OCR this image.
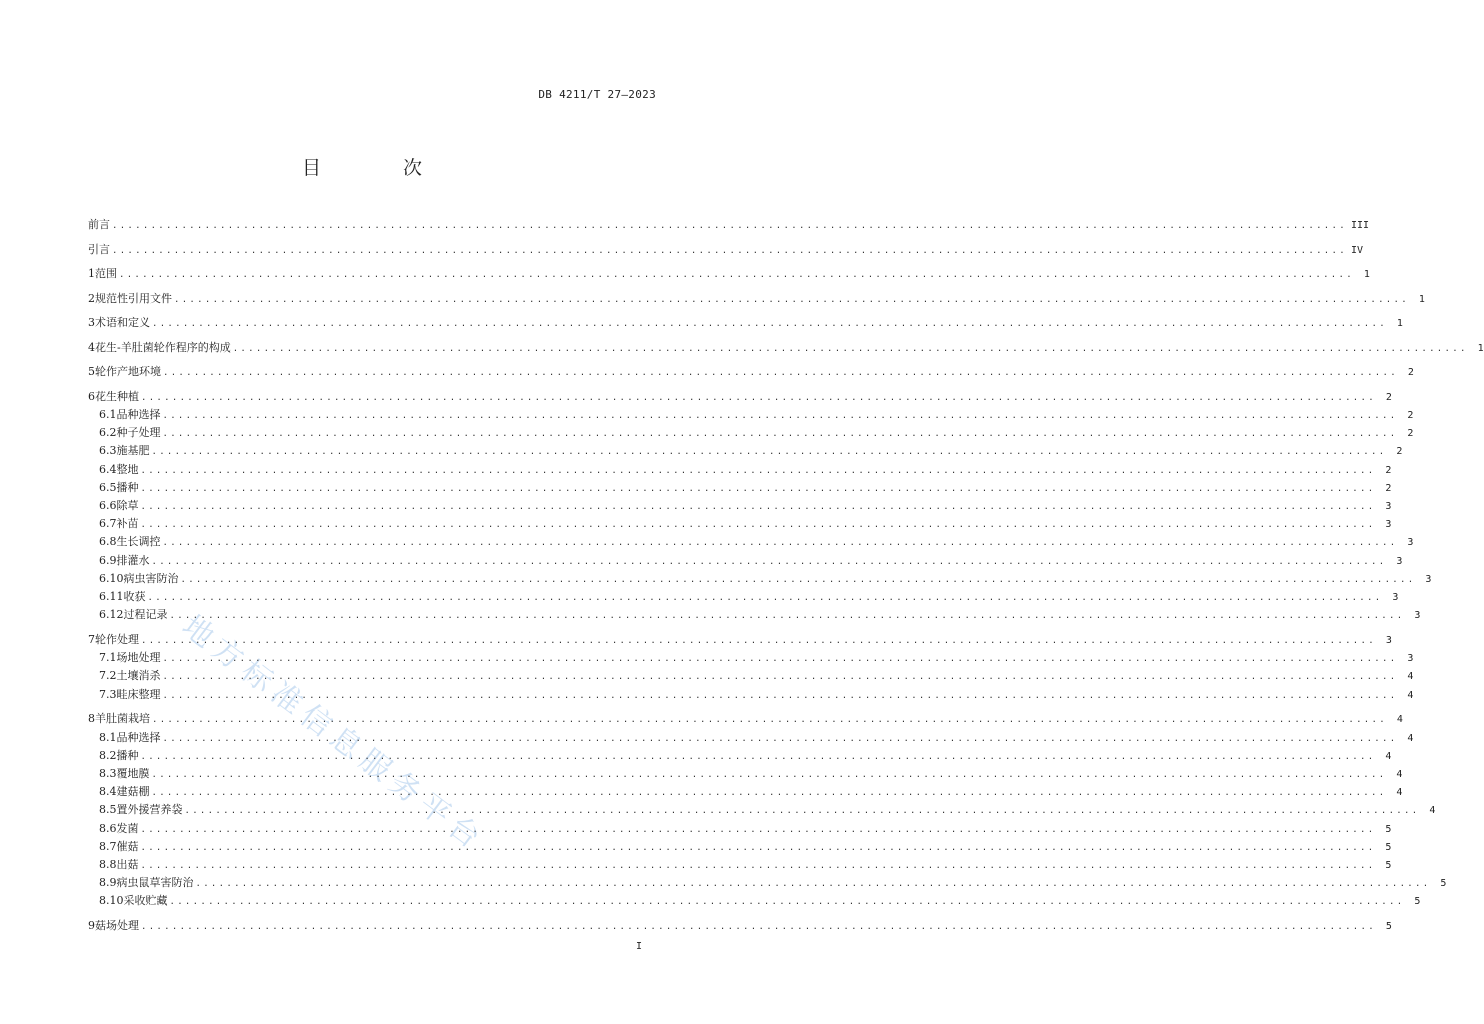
DB 4211/T 27—2023
目 次
地方标准信息服务平台
前言 ................................................................................................................................................................ III
引言 ................................................................................................................................................................ IV
1 范围 ................................................................................................................................................................ 1
2 规范性引用文件 ................................................................................................................................................................ 1
3 术语和定义 ................................................................................................................................................................ 1
4 花生-羊肚菌轮作程序的构成 ................................................................................................................................................................ 1
5 轮作产地环境 ................................................................................................................................................................ 2
6 花生种植 ................................................................................................................................................................ 2
6.1 品种选择 ................................................................................................................................................................ 2
6.2 种子处理 ................................................................................................................................................................ 2
6.3 施基肥 ................................................................................................................................................................ 2
6.4 整地 ................................................................................................................................................................ 2
6.5 播种 ................................................................................................................................................................ 2
6.6 除草 ................................................................................................................................................................ 3
6.7 补苗 ................................................................................................................................................................ 3
6.8 生长调控 ................................................................................................................................................................ 3
6.9 排灌水 ................................................................................................................................................................ 3
6.10 病虫害防治 ................................................................................................................................................................ 3
6.11 收获 ................................................................................................................................................................ 3
6.12 过程记录 ................................................................................................................................................................ 3
7 轮作处理 ................................................................................................................................................................ 3
7.1 场地处理 ................................................................................................................................................................ 3
7.2 土壤消杀 ................................................................................................................................................................ 4
7.3 畦床整理 ................................................................................................................................................................ 4
8 羊肚菌栽培 ................................................................................................................................................................ 4
8.1 品种选择 ................................................................................................................................................................ 4
8.2 播种 ................................................................................................................................................................ 4
8.3 覆地膜 ................................................................................................................................................................ 4
8.4 建菇棚 ................................................................................................................................................................ 4
8.5 置外援营养袋 ................................................................................................................................................................ 4
8.6 发菌 ................................................................................................................................................................ 5
8.7 催菇 ................................................................................................................................................................ 5
8.8 出菇 ................................................................................................................................................................ 5
8.9 病虫鼠草害防治 ................................................................................................................................................................ 5
8.10 采收贮藏 ................................................................................................................................................................ 5
9 菇场处理 ................................................................................................................................................................ 5
I
